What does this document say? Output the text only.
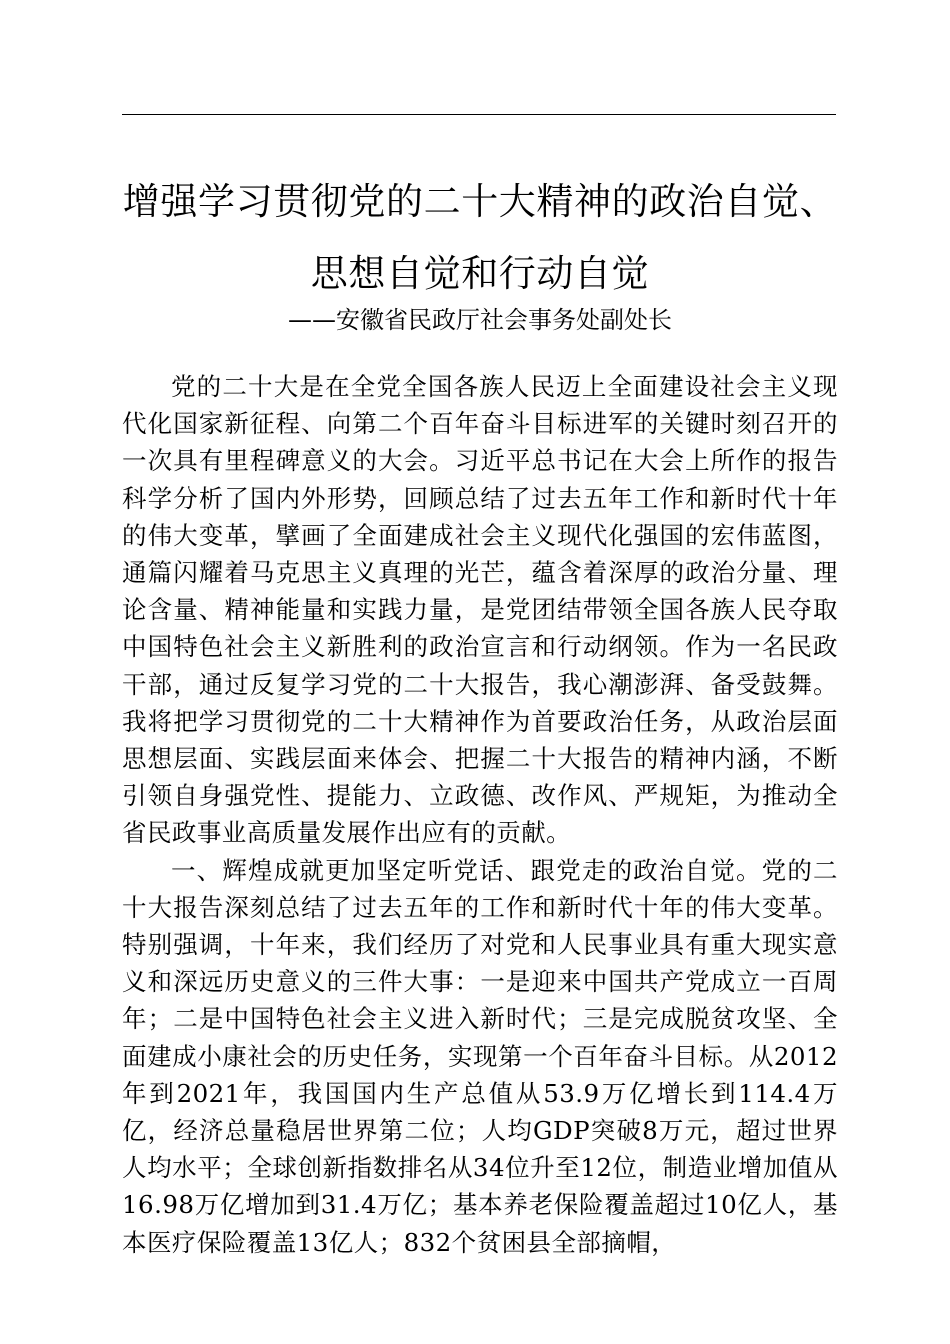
增强学习贯彻党的二十大精神的政治自觉、思想自觉和行动自觉
——安徽省民政厅社会事务处副处长

党的二十大是在全党全国各族人民迈上全面建设社会主义现代化国家新征程、向第二个百年奋斗目标进军的关键时刻召开的一次具有里程碑意义的大会。习近平总书记在大会上所作的报告科学分析了国内外形势，回顾总结了过去五年工作和新时代十年的伟大变革，擘画了全面建成社会主义现代化强国的宏伟蓝图，通篇闪耀着马克思主义真理的光芒，蕴含着深厚的政治分量、理论含量、精神能量和实践力量，是党团结带领全国各族人民夺取中国特色社会主义新胜利的政治宣言和行动纲领。作为一名民政干部，通过反复学习党的二十大报告，我心潮澎湃、备受鼓舞。我将把学习贯彻党的二十大精神作为首要政治任务，从政治层面思想层面、实践层面来体会、把握二十大报告的精神内涵，不断引领自身强党性、提能力、立政德、改作风、严规矩，为推动全省民政事业高质量发展作出应有的贡献。

一、辉煌成就更加坚定听党话、跟党走的政治自觉。党的二十大报告深刻总结了过去五年的工作和新时代十年的伟大变革。特别强调，十年来，我们经历了对党和人民事业具有重大现实意义和深远历史意义的三件大事：一是迎来中国共产党成立一百周年；二是中国特色社会主义进入新时代；三是完成脱贫攻坚、全面建成小康社会的历史任务，实现第一个百年奋斗目标。从2012年到2021年，我国国内生产总值从53.9万亿增长到114.4万亿，经济总量稳居世界第二位；人均GDP突破8万元，超过世界人均水平；全球创新指数排名从34位升至12位，制造业增加值从16.98万亿增加到31.4万亿；基本养老保险覆盖超过10亿人，基本医疗保险覆盖13亿人；832个贫困县全部摘帽，
